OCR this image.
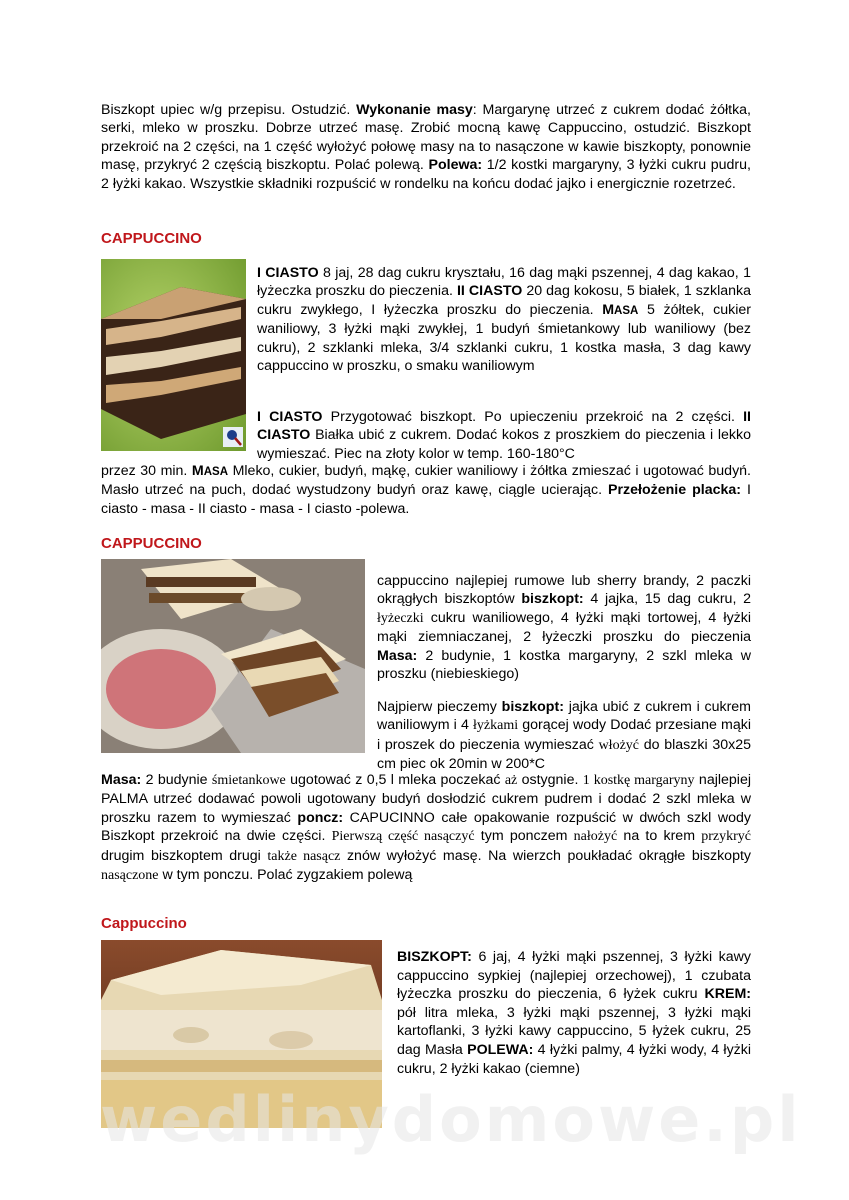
Biszkopt upiec w/g przepisu. Ostudzić. Wykonanie masy: Margarynę utrzeć z cukrem dodać żółtka, serki, mleko w proszku. Dobrze utrzeć masę. Zrobić mocną kawę Cappuccino, ostudzić. Biszkopt przekroić na 2 części, na 1 część wyłożyć połowę masy na to nasączone w kawie biszkopty, ponownie masę, przykryć 2 częścią biszkoptu. Polać polewą. Polewa: 1/2 kostki margaryny, 3 łyżki cukru pudru, 2 łyżki kakao. Wszystkie składniki rozpuścić w rondelku na końcu dodać jajko i energicznie rozetrzeć.

CAPPUCCINO

I CIASTO 8 jaj, 28 dag cukru kryształu, 16 dag mąki pszennej, 4 dag kakao, 1 łyżeczka proszku do pieczenia. II CIASTO 20 dag kokosu, 5 białek, 1 szklanka cukru zwykłego, I łyżeczka proszku do pieczenia. MASA 5 żółtek, cukier waniliowy, 3 łyżki mąki zwykłej, 1 budyń śmietankowy lub waniliowy (bez cukru), 2 szklanki mleka, 3/4 szklanki cukru, 1 kostka masła, 3 dag kawy cappuccino w proszku, o smaku waniliowym

I CIASTO Przygotować biszkopt. Po upieczeniu przekroić na 2 części. II CIASTO Białka ubić z cukrem. Dodać kokos z proszkiem do pieczenia i lekko wymieszać. Piec na złoty kolor w temp. 160-180°C

przez 30 min. MASA Mleko, cukier, budyń, mąkę, cukier waniliowy i żółtka zmieszać i ugotować budyń. Masło utrzeć na puch, dodać wystudzony budyń oraz kawę, ciągle ucierając. Przełożenie placka: I ciasto - masa - II ciasto - masa - I ciasto -polewa.

CAPPUCCINO

cappuccino najlepiej rumowe lub sherry brandy, 2 paczki okrągłych biszkoptów biszkopt: 4 jajka, 15 dag cukru, 2 łyżeczki cukru waniliowego, 4 łyżki mąki tortowej, 4 łyżki mąki ziemniaczanej, 2 łyżeczki proszku do pieczenia Masa: 2 budynie, 1 kostka margaryny, 2 szkl mleka w proszku (niebieskiego)

Najpierw pieczemy biszkopt: jajka ubić z cukrem i cukrem waniliowym i 4 łyżkami gorącej wody Dodać przesiane mąki i proszek do pieczenia wymieszać włożyć do blaszki 30x25 cm piec ok 20min w 200*C

Masa: 2 budynie śmietankowe ugotować z 0,5 l mleka poczekać aż ostygnie. 1 kostkę margaryny najlepiej PALMA utrzeć dodawać powoli ugotowany budyń dosłodzić cukrem pudrem i dodać 2 szkl mleka w proszku razem to wymieszać poncz: CAPUCINNO całe opakowanie rozpuścić w dwóch szkl wody Biszkopt przekroić na dwie części. Pierwszą część nasączyć tym ponczem nałożyć na to krem przykryć drugim biszkoptem drugi także nasącz znów wyłożyć masę. Na wierzch poukładać okrągłe biszkopty nasączone w tym ponczu. Polać zygzakiem polewą

Cappuccino

BISZKOPT: 6 jaj, 4 łyżki mąki pszennej, 3 łyżki kawy cappuccino sypkiej (najlepiej orzechowej), 1 czubata łyżeczka proszku do pieczenia, 6 łyżek cukru KREM: pół litra mleka, 3 łyżki mąki pszennej, 3 łyżki mąki kartoflanki, 3 łyżki kawy cappuccino, 5 łyżek cukru, 25 dag Masła POLEWA: 4 łyżki palmy, 4 łyżki wody, 4 łyżki cukru, 2 łyżki kakao (ciemne)

wedlinydomowe.pl
